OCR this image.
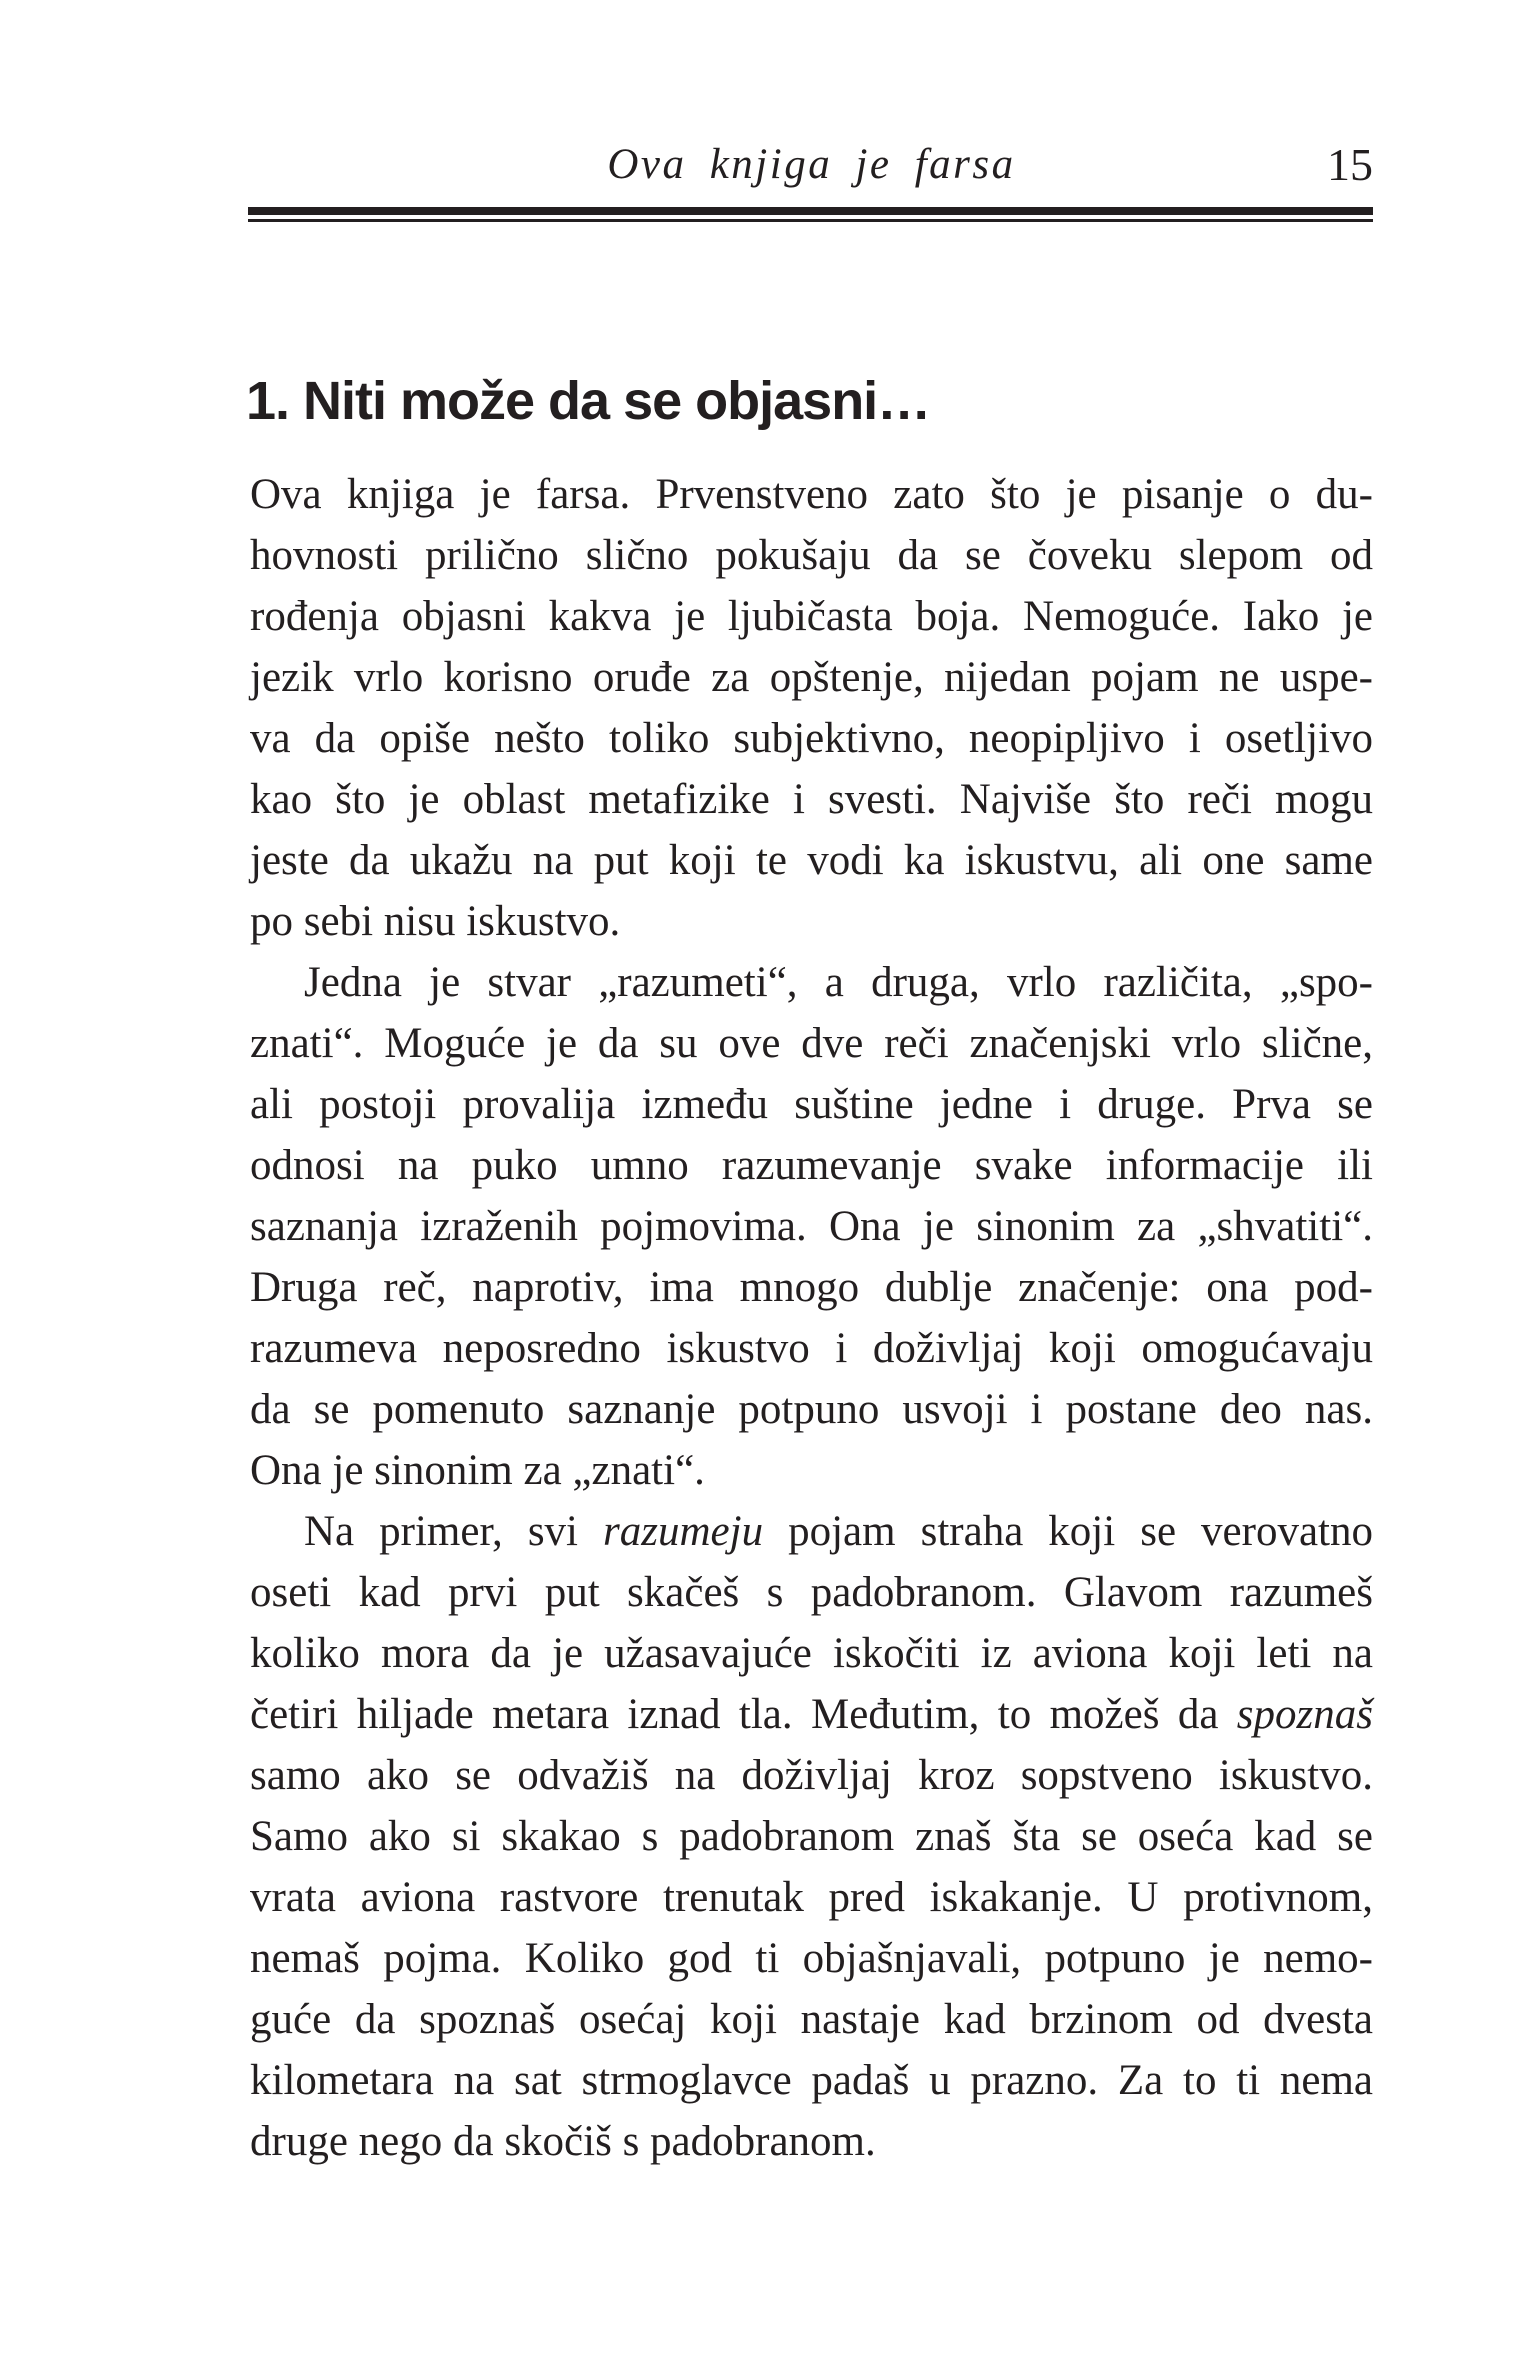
Ova knjiga je farsa	15
1. Niti može da se objasni…
Ova knjiga je farsa. Prvenstveno zato što je pisanje o du-
hovnosti prilično slično pokušaju da se čoveku slepom od
rođenja objasni kakva je ljubičasta boja. Nemoguće. Iako je
jezik vrlo korisno oruđe za opštenje, nijedan pojam ne uspe-
va da opiše nešto toliko subjektivno, neopipljivo i osetljivo
kao što je oblast metafizike i svesti. Najviše što reči mogu
jeste da ukažu na put koji te vodi ka iskustvu, ali one same
po sebi nisu iskustvo.
Jedna je stvar „razumeti“, a druga, vrlo različita, „spo-
znati“. Moguće je da su ove dve reči značenjski vrlo slične,
ali postoji provalija između suštine jedne i druge. Prva se
odnosi na puko umno razumevanje svake informacije ili
saznanja izraženih pojmovima. Ona je sinonim za „shvatiti“.
Druga reč, naprotiv, ima mnogo dublje značenje: ona pod-
razumeva neposredno iskustvo i doživljaj koji omogućavaju
da se pomenuto saznanje potpuno usvoji i postane deo nas.
Ona je sinonim za „znati“.
Na primer, svi razumeju pojam straha koji se verovatno
oseti kad prvi put skačeš s padobranom. Glavom razumeš
koliko mora da je užasavajuće iskočiti iz aviona koji leti na
četiri hiljade metara iznad tla. Međutim, to možeš da spoznaš
samo ako se odvažiš na doživljaj kroz sopstveno iskustvo.
Samo ako si skakao s padobranom znaš šta se oseća kad se
vrata aviona rastvore trenutak pred iskakanje. U protivnom,
nemaš pojma. Koliko god ti objašnjavali, potpuno je nemo-
guće da spoznaš osećaj koji nastaje kad brzinom od dvesta
kilometara na sat strmoglavce padaš u prazno. Za to ti nema
druge nego da skočiš s padobranom.
